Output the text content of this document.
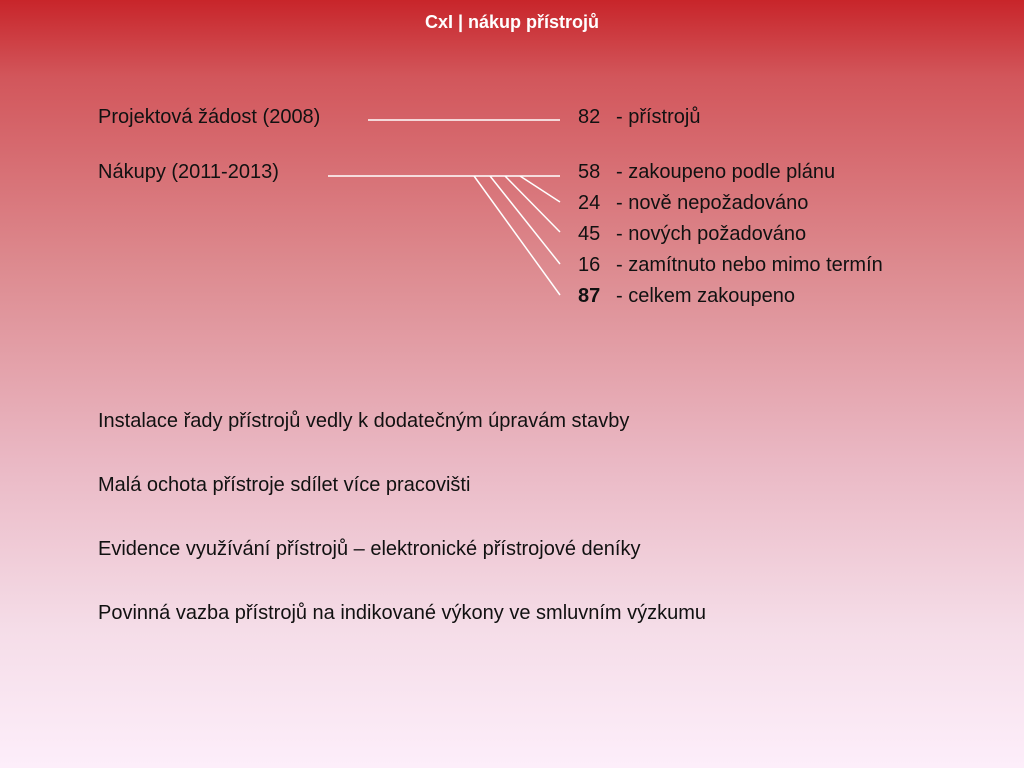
CxI | nákup přístrojů
Projektová žádost (2008)	82 - přístrojů
Nákupy (2011-2013)	58 - zakoupeno podle plánu
24 - nově nepožadováno
45 - nových požadováno
16 - zamítnuto nebo mimo termín
87 - celkem zakoupeno
Instalace řady přístrojů vedly k dodatečným úpravám stavby
Malá ochota přístroje sdílet více pracovišti
Evidence využívání přístrojů – elektronické přístrojové deníky
Povinná vazba přístrojů na indikované výkony ve smluvním výzkumu
